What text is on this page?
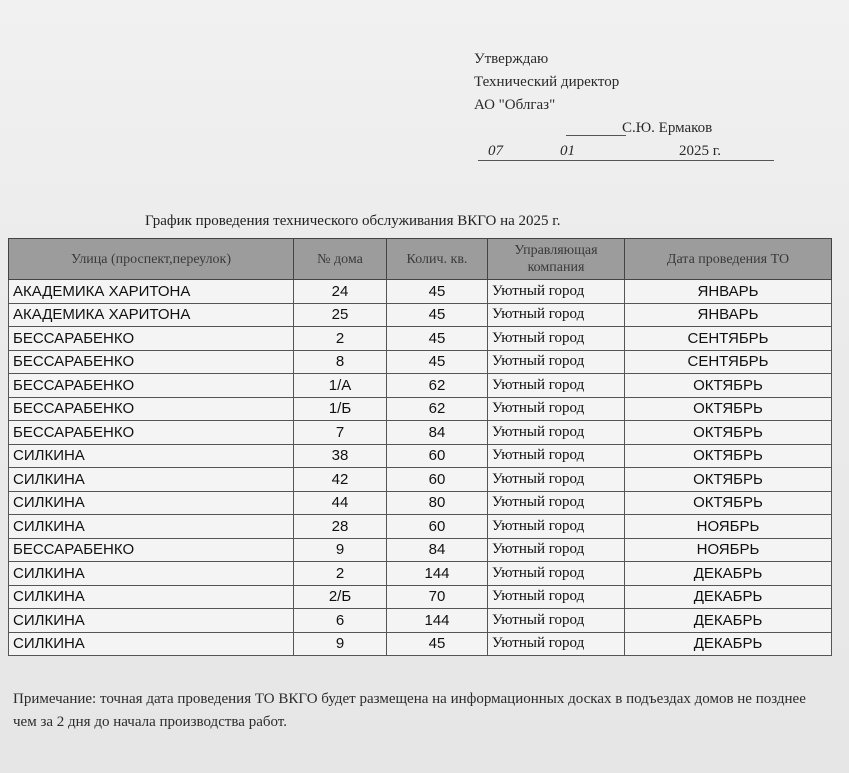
Утверждаю
Технический директор
АО "Облгаз"
С.Ю. Ермаков
07	01	2025 г.
График проведения технического обслуживания ВКГО на 2025 г.
Улица (проспект,переулок)	№ дома	Колич. кв.	Управляющая компания	Дата проведения ТО
АКАДЕМИКА ХАРИТОНА	24	45	Уютный город	ЯНВАРЬ
АКАДЕМИКА ХАРИТОНА	25	45	Уютный город	ЯНВАРЬ
БЕССАРАБЕНКО	2	45	Уютный город	СЕНТЯБРЬ
БЕССАРАБЕНКО	8	45	Уютный город	СЕНТЯБРЬ
БЕССАРАБЕНКО	1/А	62	Уютный город	ОКТЯБРЬ
БЕССАРАБЕНКО	1/Б	62	Уютный город	ОКТЯБРЬ
БЕССАРАБЕНКО	7	84	Уютный город	ОКТЯБРЬ
СИЛКИНА	38	60	Уютный город	ОКТЯБРЬ
СИЛКИНА	42	60	Уютный город	ОКТЯБРЬ
СИЛКИНА	44	80	Уютный город	ОКТЯБРЬ
СИЛКИНА	28	60	Уютный город	НОЯБРЬ
БЕССАРАБЕНКО	9	84	Уютный город	НОЯБРЬ
СИЛКИНА	2	144	Уютный город	ДЕКАБРЬ
СИЛКИНА	2/Б	70	Уютный город	ДЕКАБРЬ
СИЛКИНА	6	144	Уютный город	ДЕКАБРЬ
СИЛКИНА	9	45	Уютный город	ДЕКАБРЬ
Примечание: точная дата проведения ТО ВКГО будет размещена на информационных досках в подъездах домов не позднее чем за 2 дня до начала производства работ.
